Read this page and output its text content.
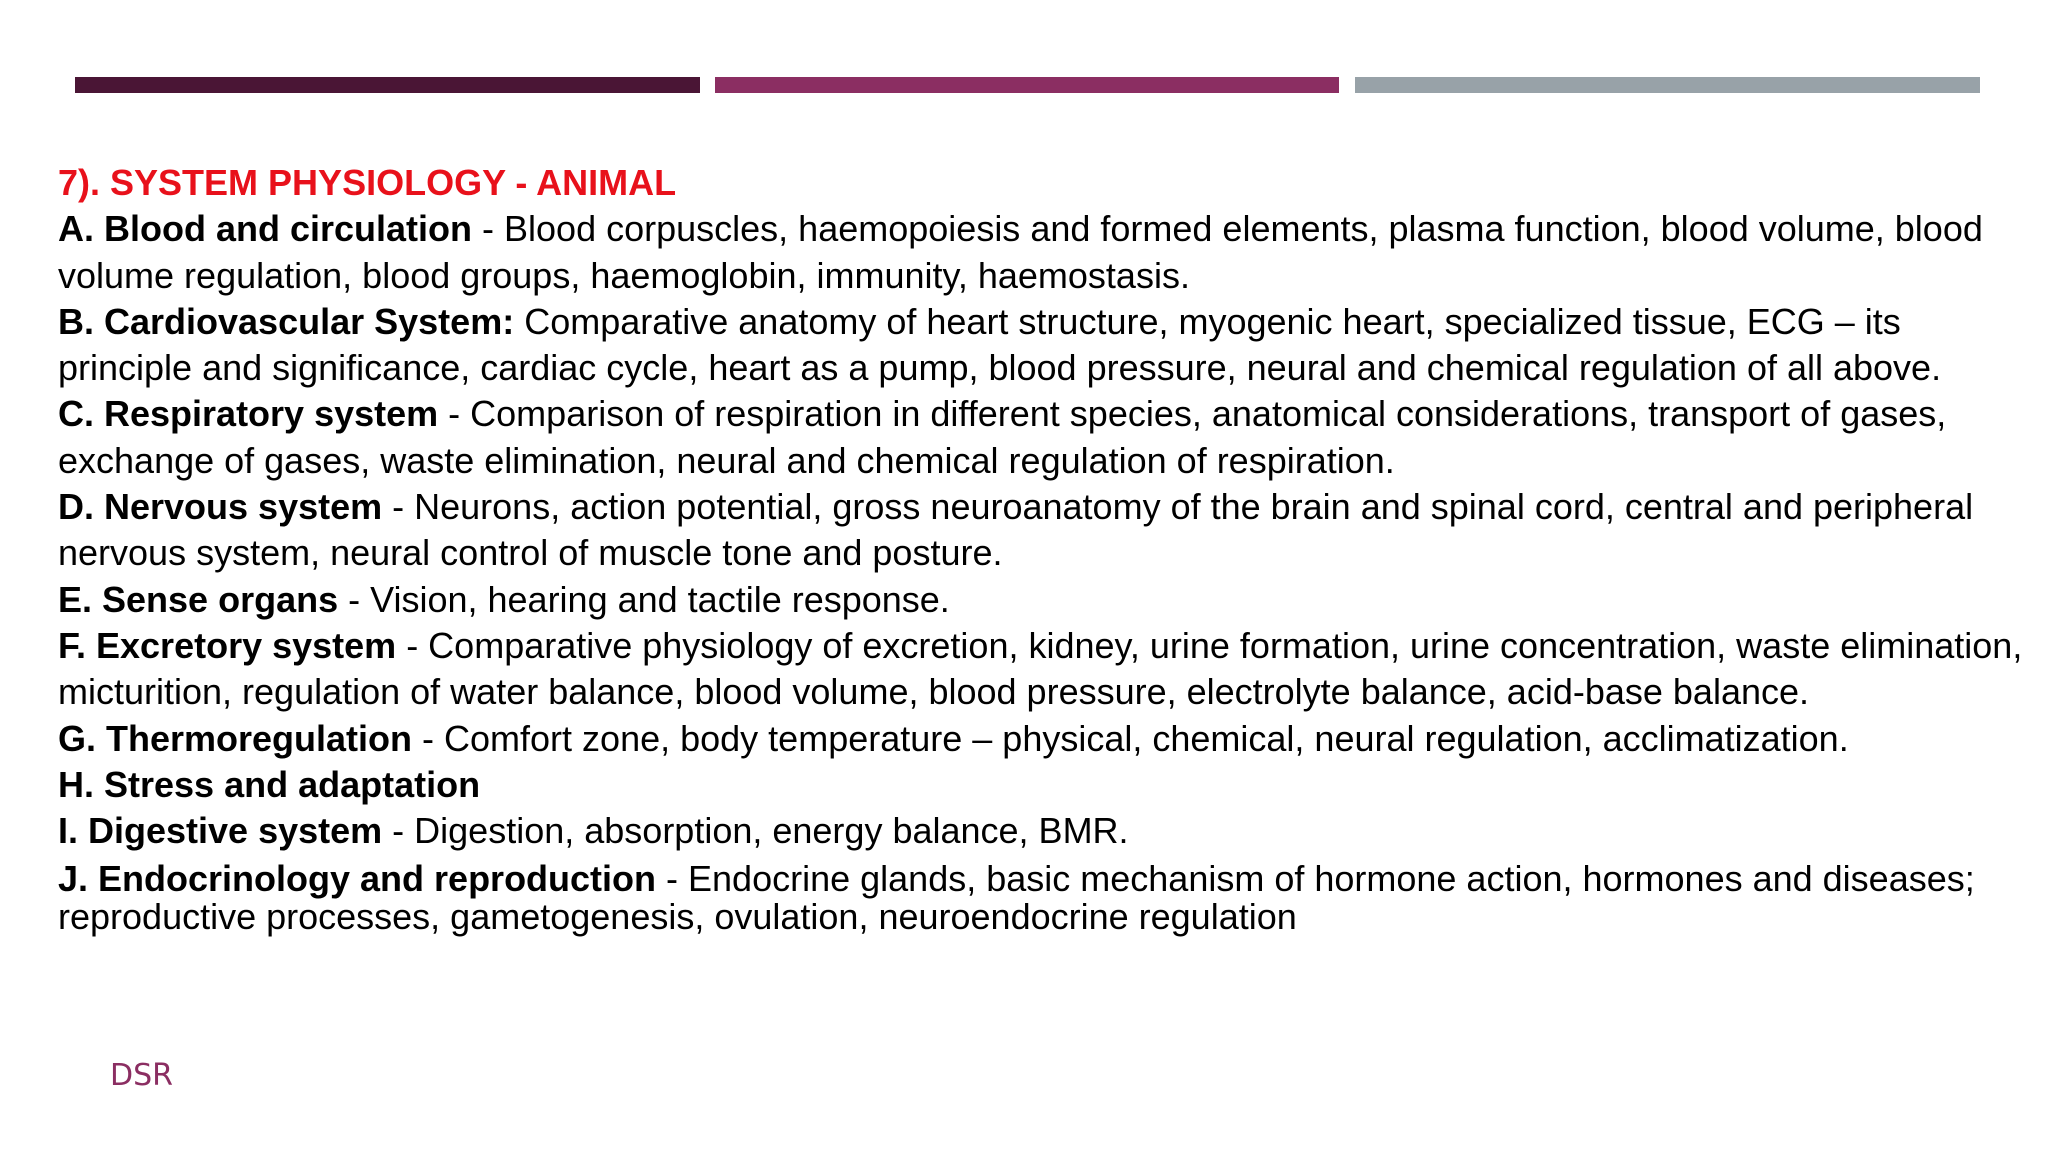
7). SYSTEM PHYSIOLOGY - ANIMAL

A. Blood and circulation - Blood corpuscles, haemopoiesis and formed elements, plasma function, blood volume, blood volume regulation, blood groups, haemoglobin, immunity, haemostasis.

B. Cardiovascular System: Comparative anatomy of heart structure, myogenic heart, specialized tissue, ECG – its principle and significance, cardiac cycle, heart as a pump, blood pressure, neural and chemical regulation of all above.

C. Respiratory system - Comparison of respiration in different species, anatomical considerations, transport of gases, exchange of gases, waste elimination, neural and chemical regulation of respiration.

D. Nervous system - Neurons, action potential, gross neuroanatomy of the brain and spinal cord, central and peripheral nervous system, neural control of muscle tone and posture.

E. Sense organs - Vision, hearing and tactile response.

F. Excretory system - Comparative physiology of excretion, kidney, urine formation, urine concentration, waste elimination, micturition, regulation of water balance, blood volume, blood pressure, electrolyte balance, acid-base balance.

G. Thermoregulation - Comfort zone, body temperature – physical, chemical, neural regulation, acclimatization.

H. Stress and adaptation

I. Digestive system - Digestion, absorption, energy balance, BMR.

J. Endocrinology and reproduction - Endocrine glands, basic mechanism of hormone action, hormones and diseases; reproductive processes, gametogenesis, ovulation, neuroendocrine regulation

DSR
